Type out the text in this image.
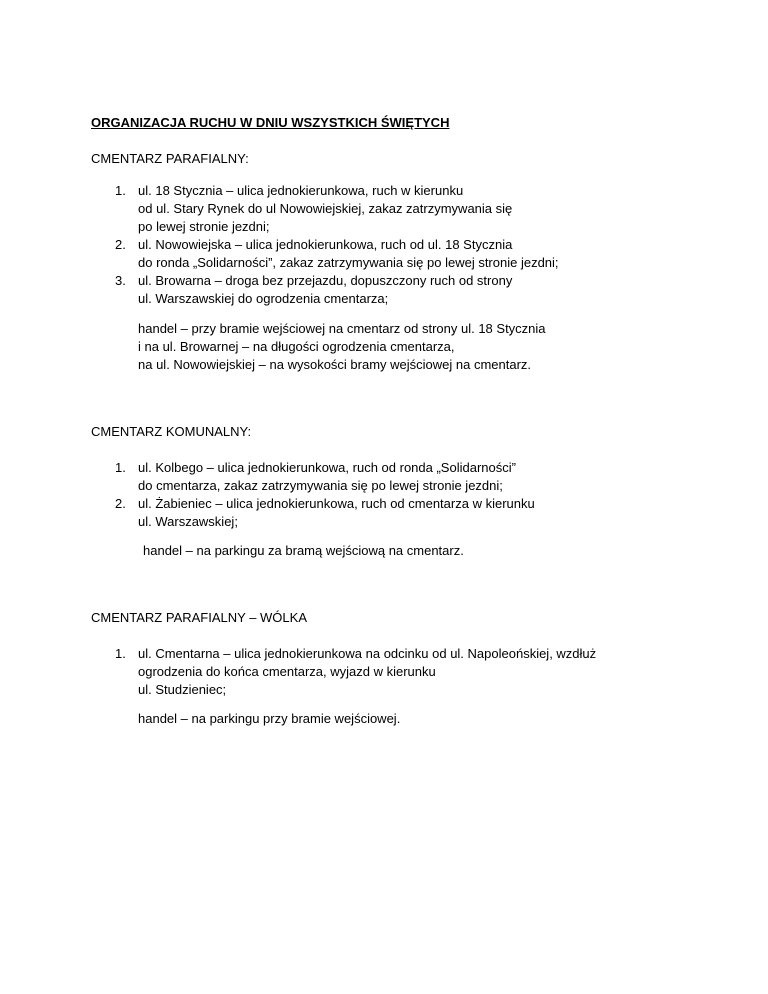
ORGANIZACJA RUCHU W DNIU WSZYSTKICH ŚWIĘTYCH
CMENTARZ PARAFIALNY:
1. ul. 18 Stycznia – ulica jednokierunkowa, ruch w kierunku
od ul. Stary Rynek do ul Nowowiejskiej, zakaz zatrzymywania się
po lewej stronie jezdni;
2. ul. Nowowiejska – ulica jednokierunkowa, ruch od ul. 18 Stycznia
do ronda „Solidarności”, zakaz zatrzymywania się po lewej stronie jezdni;
3. ul. Browarna – droga bez przejazdu, dopuszczony ruch od strony
ul. Warszawskiej do ogrodzenia cmentarza;
handel – przy bramie wejściowej na cmentarz od strony ul. 18 Stycznia
i na ul. Browarnej – na długości ogrodzenia cmentarza,
na ul. Nowowiejskiej – na wysokości bramy wejściowej na cmentarz.
CMENTARZ KOMUNALNY:
1. ul. Kolbego – ulica jednokierunkowa, ruch od ronda „Solidarności”
do cmentarza, zakaz zatrzymywania się po lewej stronie jezdni;
2. ul. Żabieniec – ulica jednokierunkowa, ruch od cmentarza w kierunku
ul. Warszawskiej;
handel – na parkingu za bramą wejściową na cmentarz.
CMENTARZ PARAFIALNY – WÓLKA
1. ul. Cmentarna – ulica jednokierunkowa na odcinku od ul. Napoleońskiej, wzdłuż
ogrodzenia do końca cmentarza, wyjazd w kierunku
ul. Studzieniec;
handel – na parkingu przy bramie wejściowej.
